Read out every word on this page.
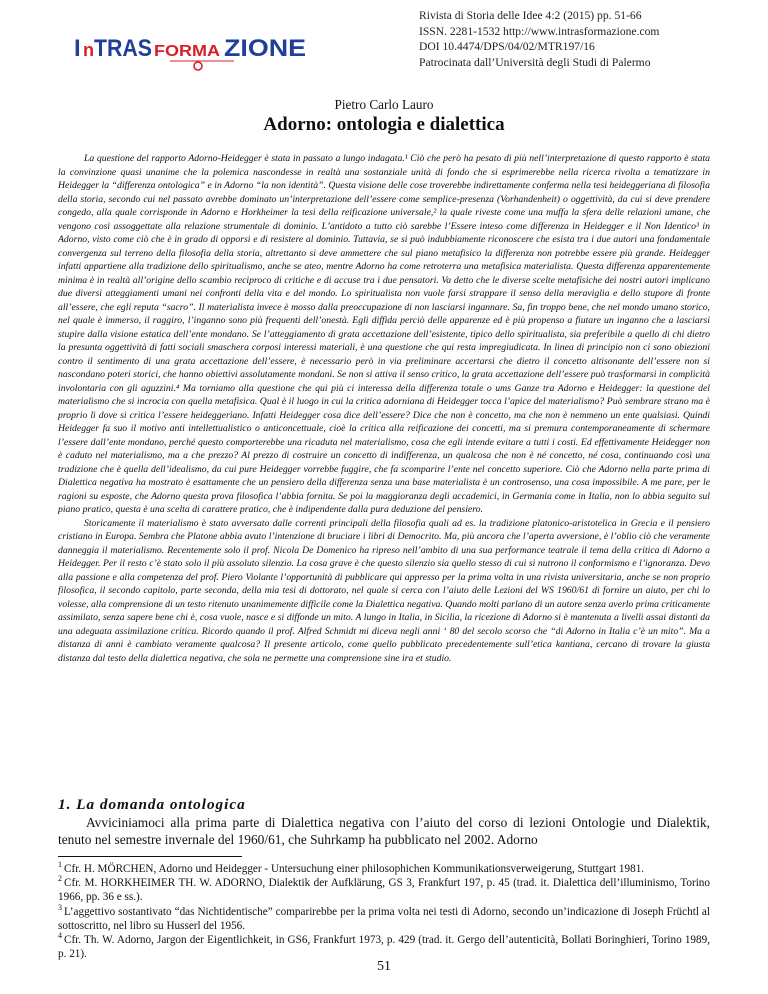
I n TRAS FORMA ZIONE
Rivista di Storia delle Idee 4:2 (2015) pp. 51-66
ISSN. 2281-1532 http://www.intrasformazione.com
DOI 10.4474/DPS/04/02/MTR197/16
Patrocinata dall’Università degli Studi di Palermo
Pietro Carlo Lauro
Adorno: ontologia e dialettica

La questione del rapporto Adorno-Heidegger è stata in passato a lungo indagata.¹ Ciò che però ha pesato di più nell’interpretazione di questo rapporto è stata la convinzione quasi unanime che la polemica nascondesse in realtà una sostanziale unità di fondo che si esprimerebbe nella ricerca rivolta a tematizzare in Heidegger la “differenza ontologica” e in Adorno “la non identità”. Questa visione delle cose troverebbe indirettamente conferma nella tesi heideggeriana di filosofia della storia, secondo cui nel passato avrebbe dominato un’interpretazione dell’essere come semplice-presenza (Vorhandenheit) o oggettività, da cui si deve prendere congedo, alla quale corrisponde in Adorno e Horkheimer la tesi della reificazione universale,² la quale riveste come una muffa la sfera delle relazioni umane, che vengono così assoggettate alla relazione strumentale di dominio. L’antidoto a tutto ciò sarebbe l’Essere inteso come differenza in Heidegger e il Non Identico³ in Adorno, visto come ciò che è in grado di opporsi e di resistere al dominio. Tuttavia, se si può indubbiamente riconoscere che esista tra i due autori una fondamentale convergenza sul terreno della filosofia della storia, altrettanto si deve ammettere che sul piano metafisico la differenza non potrebbe essere più grande. Heidegger infatti appartiene alla tradizione dello spiritualismo, anche se ateo, mentre Adorno ha come retroterra una metafisica materialista. Questa differenza apparentemente minima è in realtà all’origine dello scambio reciproco di critiche e di accuse tra i due pensatori. Va detto che le diverse scelte metafisiche dei nostri autori implicano due diversi atteggiamenti umani nei confronti della vita e del mondo. Lo spiritualista non vuole farsi strappare il senso della meraviglia e dello stupore di fronte all’essere, che egli reputa “sacro”. Il materialista invece è mosso dalla preoccupazione di non lasciarsi ingannare. Sa, fin troppo bene, che nel mondo umano storico, nel quale è immerso, il raggiro, l’inganno sono più frequenti dell’onestà. Egli diffida perciò delle apparenze ed è più propenso a fiutare un inganno che a lasciarsi stupire dalla visione estatica dell’ente mondano. Se l’atteggiamento di grata accettazione dell’esistente, tipico dello spiritualista, sia preferibile a quello di chi dietro la presunta oggettività di fatti sociali smaschera corposi interessi materiali, è una questione che qui resta impregiudicata. In linea di principio non ci sono obiezioni contro il sentimento di una grata accettazione dell’essere, è necessario però in via preliminare accertarsi che dietro il concetto altisonante dell’essere non si nascondano poteri storici, che hanno obiettivi assolutamente mondani. Se non si attiva il senso critico, la grata accettazione dell’essere può trasformarsi in complicità involontaria con gli aguzzini.⁴ Ma torniamo alla questione che qui più ci interessa della differenza totale o ums Ganze tra Adorno e Heidegger: la questione del materialismo che si incrocia con quella metafisica. Qual è il luogo in cui la critica adorniana di Heidegger tocca l’apice del materialismo? Può sembrare strano ma è proprio lì dove si critica l’essere heideggeriano. Infatti Heidegger cosa dice dell’essere? Dice che non è concetto, ma che non è nemmeno un ente qualsiasi. Quindi Heidegger fa suo il motivo anti intellettualistico o anticoncettuale, cioè la critica alla reificazione dei concetti, ma si premura contemporaneamente di schermare l’essere dall’ente mondano, perché questo comporterebbe una ricaduta nel materialismo, cosa che egli intende evitare a tutti i costi. Ed effettivamente Heidegger non è caduto nel materialismo, ma a che prezzo? Al prezzo di costruire un concetto di indifferenza, un qualcosa che non è né concetto, né cosa, continuando così una tradizione che è quella dell’idealismo, da cui pure Heidegger vorrebbe fuggire, che fa scomparire l’ente nel concetto superiore. Ciò che Adorno nella parte prima di Dialettica negativa ha mostrato è esattamente che un pensiero della differenza senza una base materialista è un controsenso, una cosa impossibile. A me pare, per le ragioni su esposte, che Adorno questa prova filosofica l’abbia fornita. Se poi la maggioranza degli accademici, in Germania come in Italia, non lo abbia seguito sul piano pratico, questa è una scelta di carattere pratico, che è indipendente dalla pura deduzione del pensiero.

Storicamente il materialismo è stato avversato dalle correnti principali della filosofia quali ad es. la tradizione platonico-aristotelica in Grecia e il pensiero cristiano in Europa. Sembra che Platone abbia avuto l’intenzione di bruciare i libri di Democrito. Ma, più ancora che l’aperta avversione, è l’oblio ciò che veramente danneggia il materialismo. Recentemente solo il prof. Nicola De Domenico ha ripreso nell’ambito di una sua performance teatrale il tema della critica di Adorno a Heidegger. Per il resto c’è stato solo il più assoluto silenzio. La cosa grave è che questo silenzio sia quello stesso di cui si nutrono il conformismo e l’ignoranza. Devo alla passione e alla competenza del prof. Piero Violante l’opportunità di pubblicare qui appresso per la prima volta in una rivista universitaria, anche se non proprio filosofica, il secondo capitolo, parte seconda, della mia tesi di dottorato, nel quale si cerca con l’aiuto delle Lezioni del WS 1960/61 di fornire un aiuto, per chi lo volesse, alla comprensione di un testo ritenuto unanimemente difficile come la Dialettica negativa. Quando molti parlano di un autore senza averlo prima criticamente assimilato, senza sapere bene chi è, cosa vuole, nasce e si diffonde un mito. A lungo in Italia, in Sicilia, la ricezione di Adorno si è mantenuta a livelli assai distanti da una adeguata assimilazione critica. Ricordo quando il prof. Alfred Schmidt mi diceva negli anni ‘ 80 del secolo scorso che “di Adorno in Italia c’è un mito”. Ma a distanza di anni è cambiato veramente qualcosa? Il presente articolo, come quello pubblicato precedentemente sull’etica kantiana, cercano di trovare la giusta distanza dal testo della dialettica negativa, che sola ne permette una comprensione sine ira et studio.

1. La domanda ontologica
Avviciniamoci alla prima parte di Dialettica negativa con l’aiuto del corso di lezioni Ontologie und Dialektik, tenuto nel semestre invernale del 1960/61, che Suhrkamp ha pubblicato nel 2002. Adorno

$^1$ Cfr. H. MÖRCHEN, Adorno und Heidegger - Untersuchung einer philosophichen Kommunikationsverweigerung, Stuttgart 1981.

$^2$ Cfr. M. HORKHEIMER TH. W. ADORNO, Dialektik der Aufklärung, GS 3, Frankfurt 197, p. 45 (trad. it. Dialettica dell’illuminismo, Torino 1966, pp. 36 e ss.).

$^3$ L’aggettivo sostantivato “das Nichtidentische” comparirebbe per la prima volta nei testi di Adorno, secondo un’indicazione di Joseph Früchtl al sottoscritto, nel libro su Husserl del 1956.

$^4$ Cfr. Th. W. Adorno, Jargon der Eigentlichkeit, in GS6, Frankfurt 1973, p. 429 (trad. it. Gergo dell’autenticità, Bollati Boringhieri, Torino 1989, p. 21).

51
